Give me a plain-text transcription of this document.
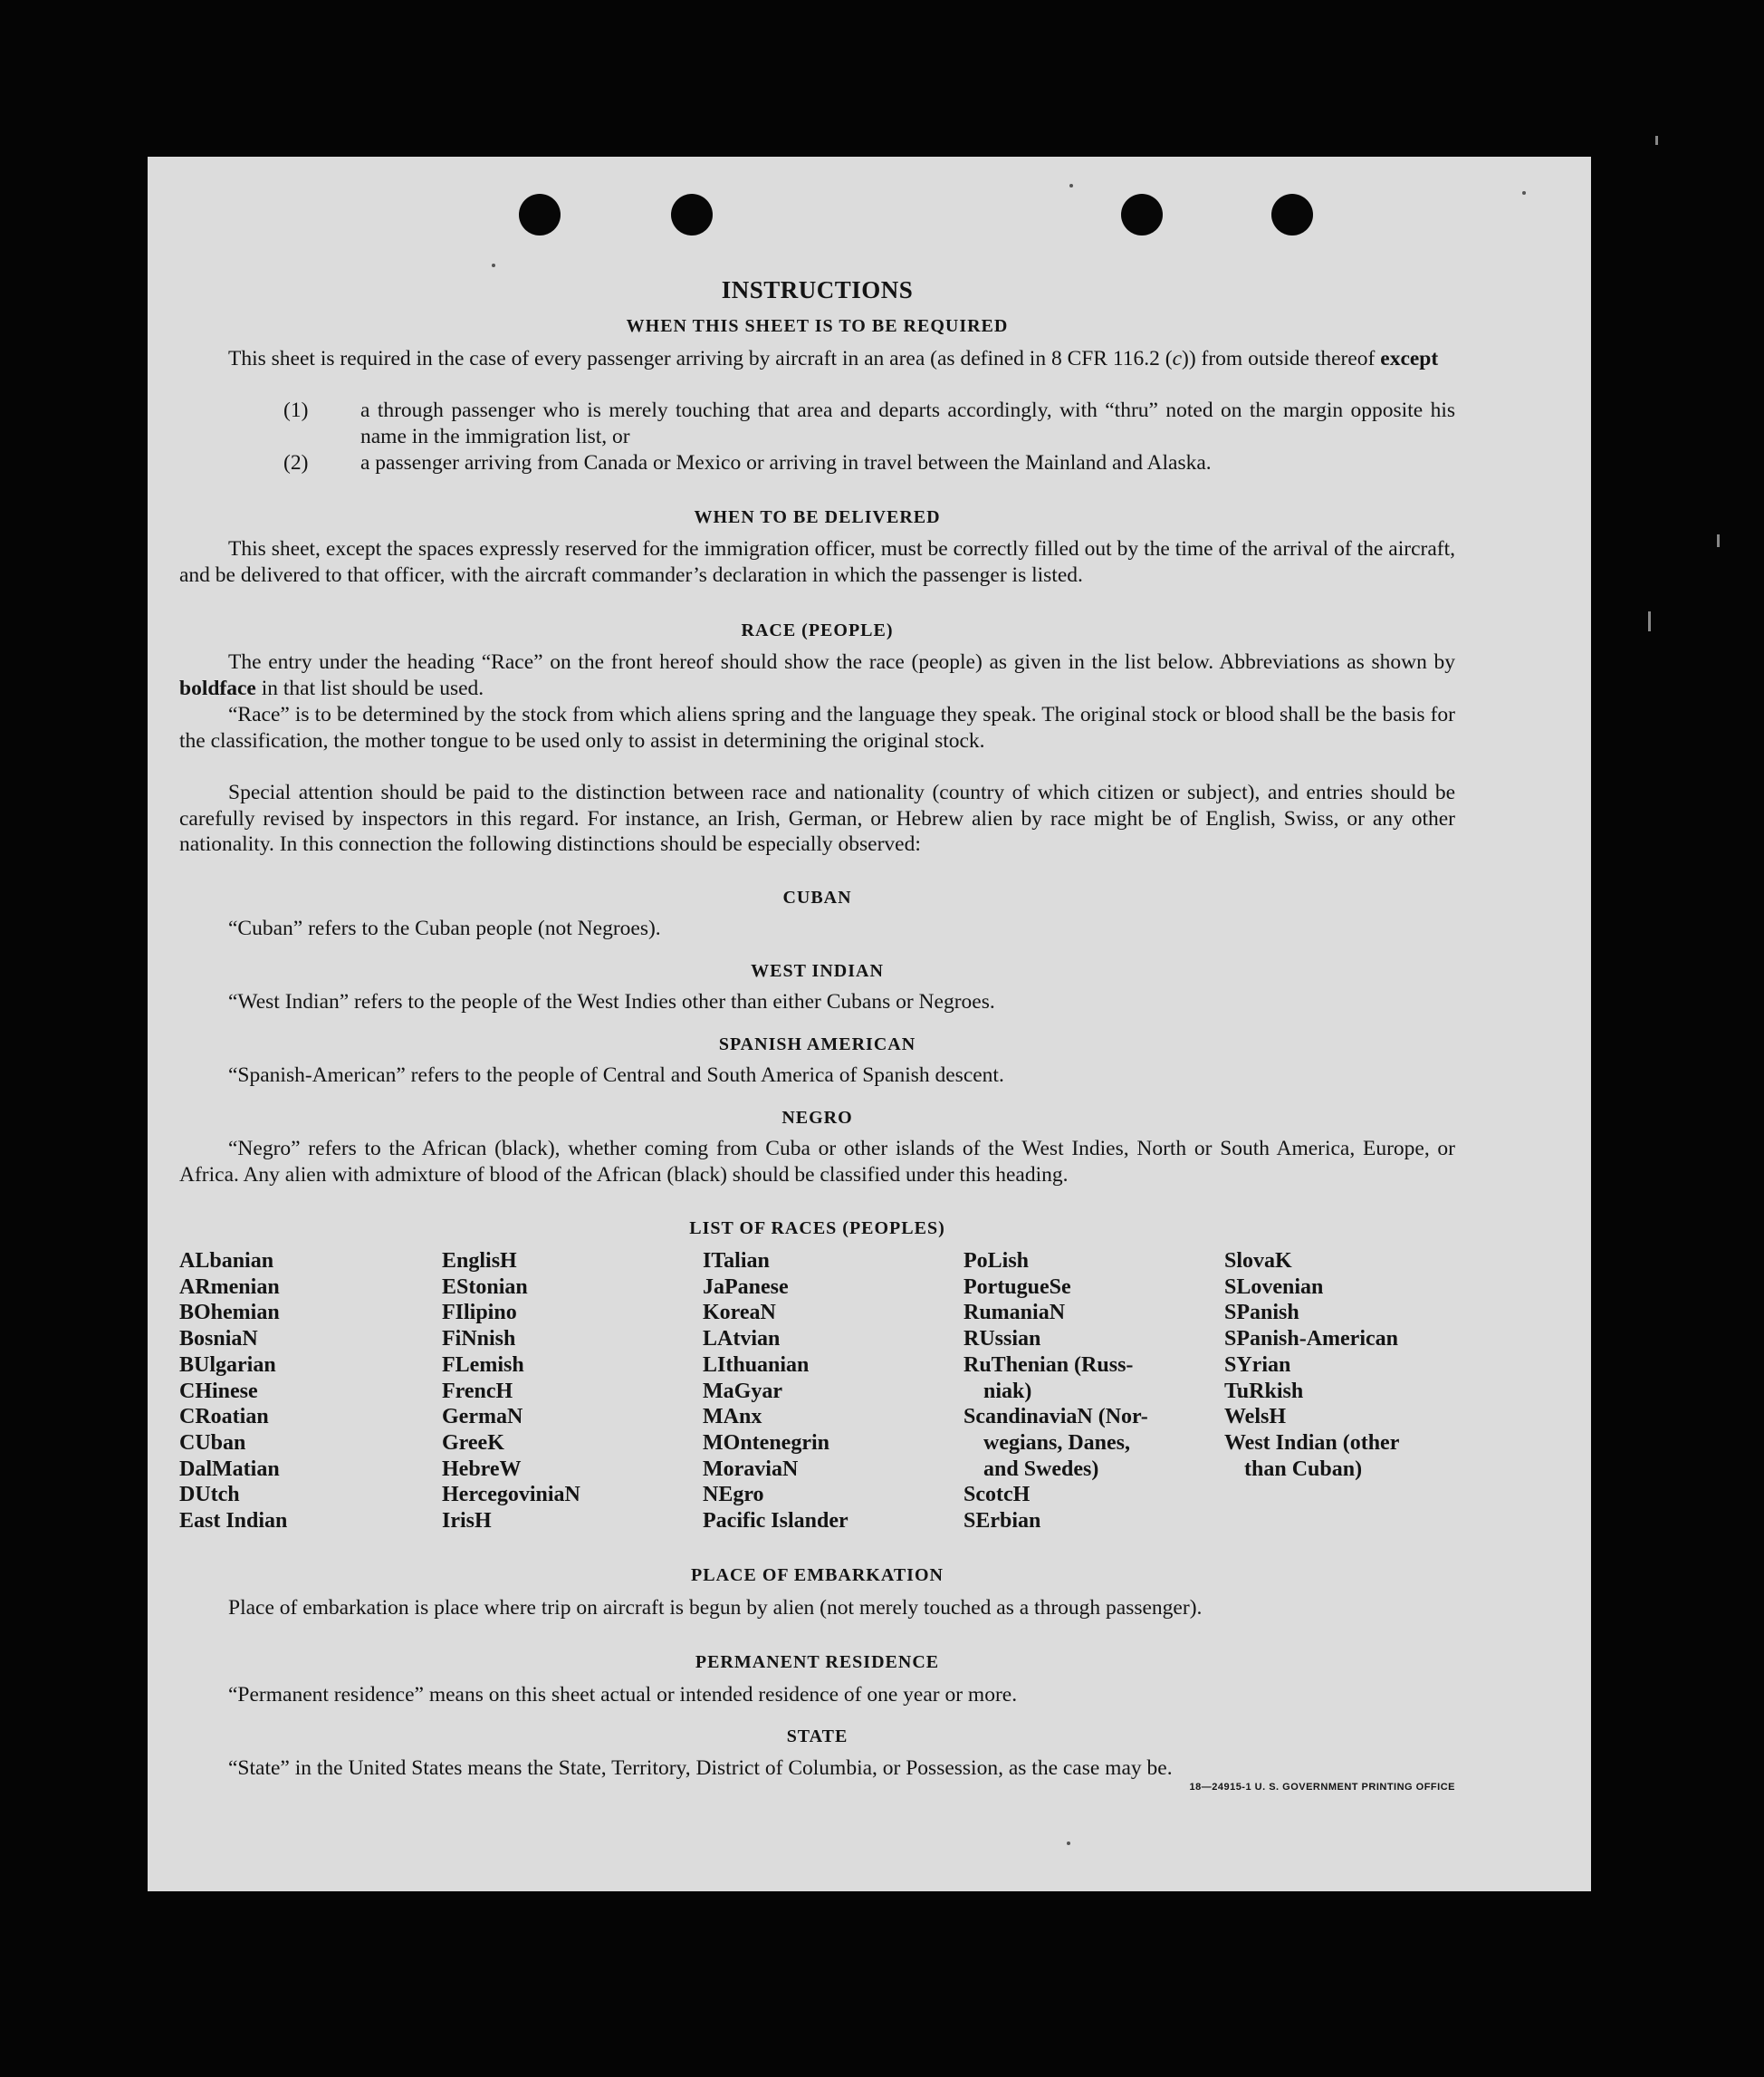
INSTRUCTIONS
WHEN THIS SHEET IS TO BE REQUIRED
This sheet is required in the case of every passenger arriving by aircraft in an area (as defined in 8 CFR 116.2 (c)) from outside thereof except
(1) a through passenger who is merely touching that area and departs accordingly, with “thru” noted on the margin opposite his name in the immigration list, or
(2) a passenger arriving from Canada or Mexico or arriving in travel between the Mainland and Alaska.
WHEN TO BE DELIVERED
This sheet, except the spaces expressly reserved for the immigration officer, must be correctly filled out by the time of the arrival of the aircraft, and be delivered to that officer, with the aircraft commander’s declaration in which the passenger is listed.
RACE (PEOPLE)
The entry under the heading “Race” on the front hereof should show the race (people) as given in the list below. Abbreviations as shown by boldface in that list should be used.
“Race” is to be determined by the stock from which aliens spring and the language they speak. The original stock or blood shall be the basis for the classification, the mother tongue to be used only to assist in determining the original stock.
Special attention should be paid to the distinction between race and nationality (country of which citizen or subject), and entries should be carefully revised by inspectors in this regard. For instance, an Irish, German, or Hebrew alien by race might be of English, Swiss, or any other nationality. In this connection the following distinctions should be especially observed:
CUBAN
“Cuban” refers to the Cuban people (not Negroes).
WEST INDIAN
“West Indian” refers to the people of the West Indies other than either Cubans or Negroes.
SPANISH AMERICAN
“Spanish-American” refers to the people of Central and South America of Spanish descent.
NEGRO
“Negro” refers to the African (black), whether coming from Cuba or other islands of the West Indies, North or South America, Europe, or Africa. Any alien with admixture of blood of the African (black) should be classified under this heading.
LIST OF RACES (PEOPLES)
ALbanian
ARmenian
BOhemian
BosniaN
BUlgarian
CHinese
CRoatian
CUban
DalMatian
DUtch
East Indian
EnglisH
EStonian
FIlipino
FiNnish
FLemish
FrencH
GermaN
GreeK
HebreW
HercegoviniaN
IrisH
ITalian
JaPanese
KoreaN
LAtvian
LIthuanian
MaGyar
MAnx
MOntenegrin
MoraviaN
NEgro
Pacific Islander
PoLish
PortugueSe
RumaniaN
RUssian
RuThenian (Russ-
niak)
ScandinaviaN (Nor-
wegians, Danes,
and Swedes)
ScotcH
SErbian
SlovaK
SLovenian
SPanish
SPanish-American
SYrian
TuRkish
WelsH
West Indian (other
than Cuban)
PLACE OF EMBARKATION
Place of embarkation is place where trip on aircraft is begun by alien (not merely touched as a through passenger).
PERMANENT RESIDENCE
“Permanent residence” means on this sheet actual or intended residence of one year or more.
STATE
“State” in the United States means the State, Territory, District of Columbia, or Possession, as the case may be.
18—24915-1 U. S. GOVERNMENT PRINTING OFFICE
